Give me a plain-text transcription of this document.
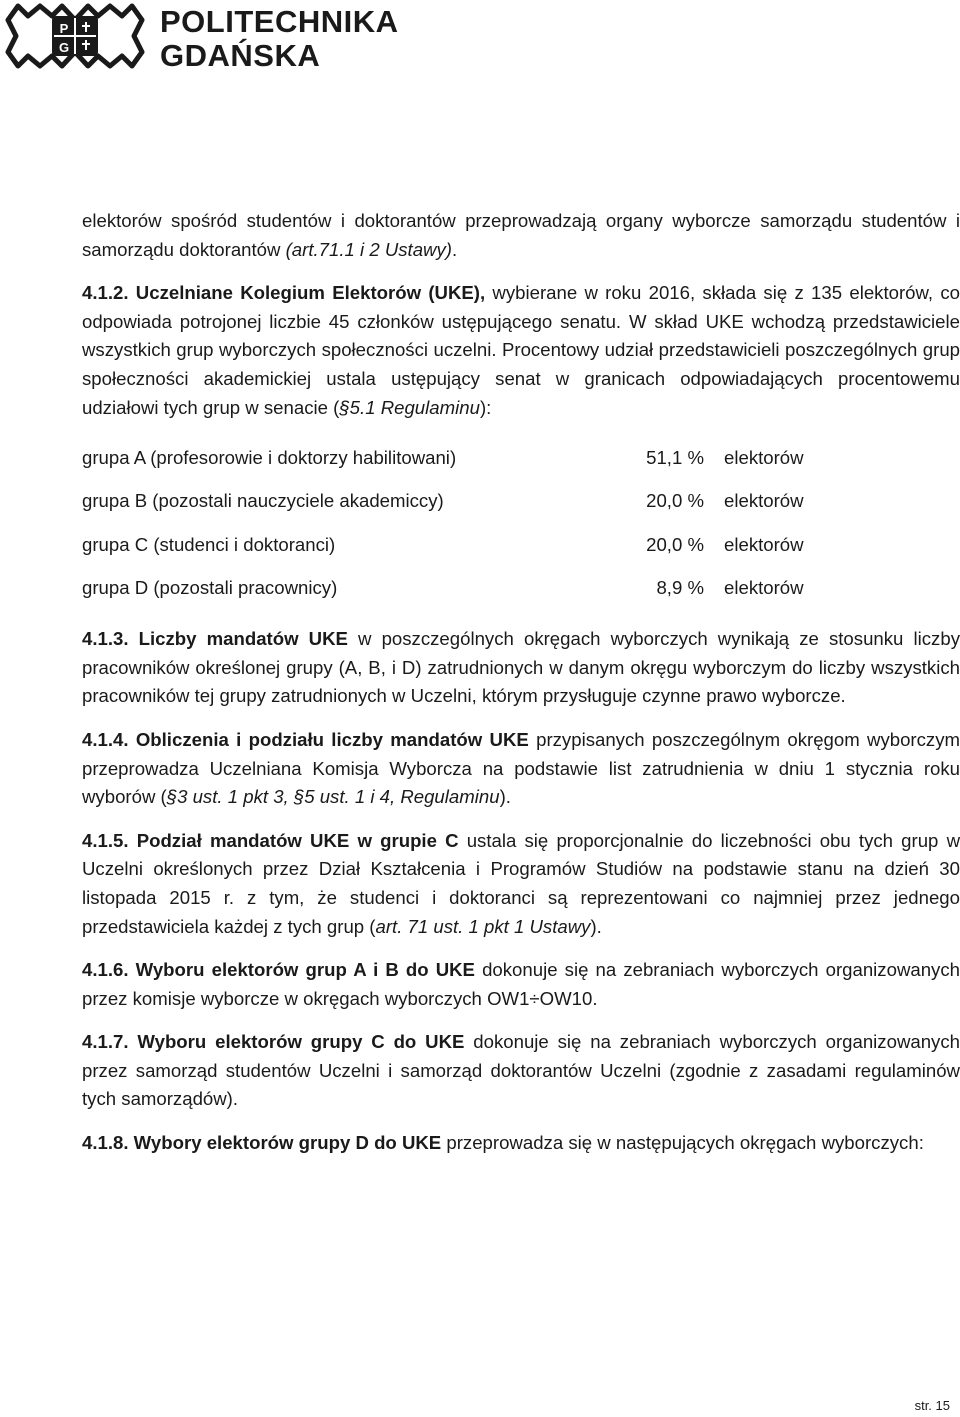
P
G
POLITECHNIKA
GDAŃSKA

elektorów spośród studentów i doktorantów przeprowadzają organy wyborcze samorządu studentów i samorządu doktorantów (art.71.1 i 2 Ustawy).

4.1.2. Uczelniane Kolegium Elektorów (UKE), wybierane w roku 2016, składa się z 135 elektorów, co odpowiada potrojonej liczbie 45 członków ustępującego senatu. W skład UKE wchodzą przedstawiciele wszystkich grup wyborczych społeczności uczelni. Procentowy udział przedstawicieli poszczególnych grup społeczności akademickiej ustala ustępujący senat w granicach odpowiadających procentowemu udziałowi tych grup w senacie (§5.1 Regulaminu):

grupa A (profesorowie i doktorzy habilitowani)	51,1 %	elektorów
grupa B (pozostali nauczyciele akademiccy)	20,0 %	elektorów
grupa C (studenci i doktoranci)	20,0 %	elektorów
grupa D (pozostali pracownicy)	8,9 %	elektorów

4.1.3. Liczby mandatów UKE w poszczególnych okręgach wyborczych wynikają ze stosunku liczby pracowników określonej grupy (A, B, i D) zatrudnionych w danym okręgu wyborczym do liczby wszystkich pracowników tej grupy zatrudnionych w Uczelni, którym przysługuje czynne prawo wyborcze.

4.1.4. Obliczenia i podziału liczby mandatów UKE przypisanych poszczególnym okręgom wyborczym przeprowadza Uczelniana Komisja Wyborcza na podstawie list zatrudnienia w dniu 1 stycznia roku wyborów (§3 ust. 1 pkt 3, §5 ust. 1 i 4, Regulaminu).

4.1.5. Podział mandatów UKE w grupie C ustala się proporcjonalnie do liczebności obu tych grup w Uczelni określonych przez Dział Kształcenia i Programów Studiów na podstawie stanu na dzień 30 listopada 2015 r. z tym, że studenci i doktoranci są reprezentowani co najmniej przez jednego przedstawiciela każdej z tych grup (art. 71 ust. 1 pkt 1 Ustawy).

4.1.6. Wyboru elektorów grup A i B do UKE dokonuje się na zebraniach wyborczych organizowanych przez komisje wyborcze w okręgach wyborczych OW1÷OW10.

4.1.7. Wyboru elektorów grupy C do UKE dokonuje się na zebraniach wyborczych organizowanych przez samorząd studentów Uczelni i samorząd doktorantów Uczelni (zgodnie z zasadami regulaminów tych samorządów).

4.1.8. Wybory elektorów grupy D do UKE przeprowadza się w następujących okręgach wyborczych:

str. 15
